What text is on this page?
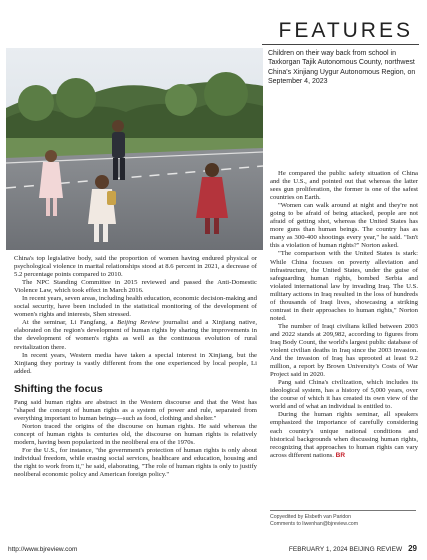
FEATURES
Children on their way back from school in Taxkorgan Tajik Autonomous County, northwest China's Xinjiang Uygur Autonomous Region, on September 4, 2023

China's top legislative body, said the proportion of women having endured physical or psychological violence in marital relationships stood at 8.6 percent in 2021, a decrease of 5.2 percentage points compared to 2010.

The NPC Standing Committee in 2015 reviewed and passed the Anti-Domestic Violence Law, which took effect in March 2016.

In recent years, seven areas, including health education, economic decision-making and social security, have been included in the statistical monitoring of the development of women's rights and interests, Shen stressed.

At the seminar, Li Fangfang, a Beijing Review journalist and a Xinjiang native, elaborated on the region's development of human rights by sharing the improvements in the development of women's rights as well as the continuous evolution of rural revitalization there.

In recent years, Western media have taken a special interest in Xinjiang, but the Xinjiang they portray is vastly different from the one experienced by local people, Li added.

Shifting the focus

Pang said human rights are abstract in the Western discourse and that the West has "shaped the concept of human rights as a system of power and rule, separated from everything important to human beings—such as food, clothing and shelter."

Norton traced the origins of the discourse on human rights. He said whereas the concept of human rights is centuries old, the discourse on human rights is relatively modern, having been popularized in the neoliberal era of the 1970s.

For the U.S., for instance, "the government's protection of human rights is only about individual freedom, while erasing social services, healthcare and education, housing and the right to work from it," he said, elaborating, "The role of human rights is only to justify neoliberal economic policy and American foreign policy."

He compared the public safety situation of China and the U.S., and pointed out that whereas the latter sees gun proliferation, the former is one of the safest countries on Earth.

"Women can walk around at night and they're not going to be afraid of being attacked, people are not afraid of getting shot, whereas the United States has more guns than human beings. The country has as many as 300-400 shootings every year," he said. "Isn't this a violation of human rights?" Norton asked.

"The comparison with the United States is stark: While China focuses on poverty alleviation and infrastructure, the United States, under the guise of safeguarding human rights, bombed Serbia and violated international law by invading Iraq. The U.S. military actions in Iraq resulted in the loss of hundreds of thousands of Iraqi lives, showcasing a striking contrast in their approaches to human rights," Norton noted.

The number of Iraqi civilians killed between 2003 and 2022 stands at 209,982, according to figures from Iraq Body Count, the world's largest public database of violent civilian deaths in Iraq since the 2003 invasion. And the invasion of Iraq has uprooted at least 9.2 million, a report by Brown University's Costs of War Project said in 2020.

Pang said China's civilization, which includes its ideological system, has a history of 5,000 years, over the course of which it has created its own view of the world and of what an individual is entitled to.

During the human rights seminar, all speakers emphasized the importance of carefully considering each country's unique national conditions and historical backgrounds when discussing human rights, recognizing that approaches to human rights can vary across different nations. BR

Copyedited by Elsbeth van Paridon
Comments to liwenhan@bjreview.com
http://www.bjreview.com	FEBRUARY 1, 2024 BEIJING REVIEW 29
